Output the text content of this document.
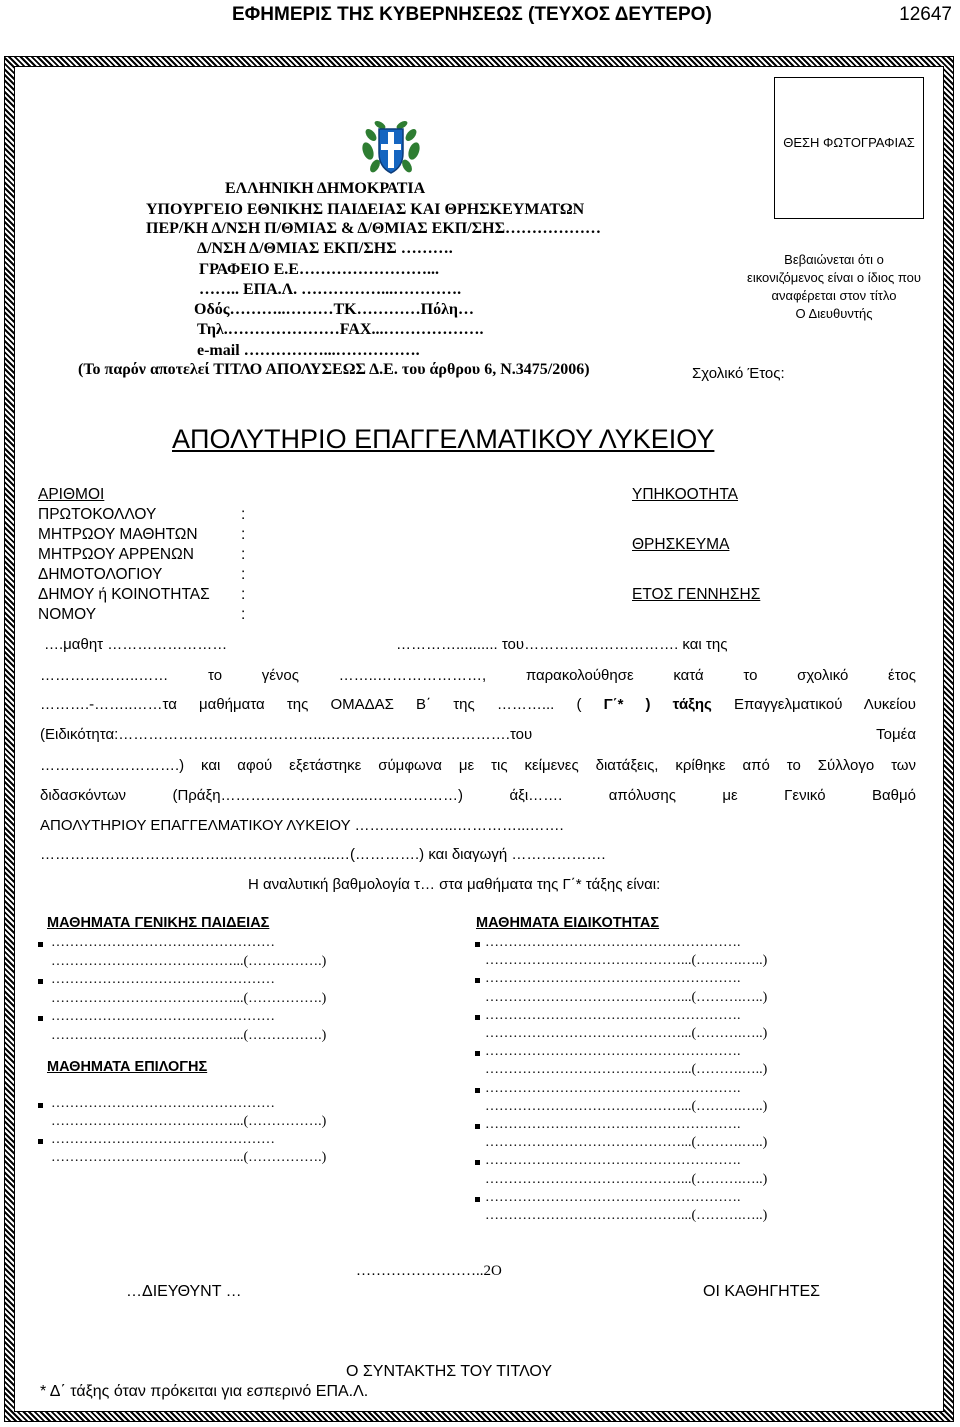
ΕΦΗΜΕΡΙΣ ΤΗΣ ΚΥΒΕΡΝΗΣΕΩΣ (ΤΕΥΧΟΣ ΔΕΥΤΕΡΟ)	12647
ΕΛΛΗΝΙΚΗ ΔΗΜΟΚΡΑΤΙΑ
ΥΠΟΥΡΓΕΙΟ ΕΘΝΙΚΗΣ ΠΑΙΔΕΙΑΣ ΚΑΙ ΘΡΗΣΚΕΥΜΑΤΩΝ
ΠΕΡ/ΚΗ Δ/ΝΣΗ Π/ΘΜΙΑΣ & Δ/ΘΜΙΑΣ ΕΚΠ/ΣΗΣ………………
Δ/ΝΣΗ Δ/ΘΜΙΑΣ ΕΚΠ/ΣΗΣ ……….
ΓΡΑΦΕΙΟ Ε.Ε……………………...
…….. ΕΠΑ.Λ. ……………...………….
Οδός………..………ΤΚ…………Πόλη…
Τηλ.…………………FAX...……………….
e-mail ……………...…………….
(Το παρόν αποτελεί ΤΙΤΛΟ ΑΠΟΛΥΣΕΩΣ Δ.Ε. του άρθρου 6, Ν.3475/2006)
ΘΕΣΗ ΦΩΤΟΓΡΑΦΙΑΣ
Βεβαιώνεται ότι ο
εικονιζόμενος είναι ο ίδιος που
αναφέρεται στον τίτλο
Ο Διευθυντής
Σχολικό Έτος:
ΑΠΟΛΥΤΗΡΙΟ ΕΠΑΓΓΕΛΜΑΤΙΚΟΥ ΛΥΚΕΙΟΥ
ΑΡΙΘΜΟΙ
ΠΡΩΤΟΚΟΛΛΟΥ	:
ΜΗΤΡΩΟΥ ΜΑΘΗΤΩΝ	:
ΜΗΤΡΩΟΥ ΑΡΡΕΝΩΝ	:
ΔΗΜΟΤΟΛΟΓΙΟΥ	:
ΔΗΜΟΥ ή ΚΟΙΝΟΤΗΤΑΣ :
ΝΟΜΟΥ	:
ΥΠΗΚΟΟΤΗΤΑ
ΘΡΗΣΚΕΥΜΑ
ΕΤΟΣ ΓΕΝΝΗΣΗΣ
….μαθητ ……………………	………….......... του…………………………. και της
………………..…… το γένος ……..…………………, παρακολούθησε κατά το σχολικό έτος
……….-……..……τα μαθήματα της ΟΜΑΔΑΣ Β΄ της ………... ( Γ΄* ) τάξης Επαγγελματικού Λυκείου
(Ειδικότητα:…………………………………...……………………………….του Τομέα
……………………….) και αφού εξετάστηκε σύμφωνα με τις κείμενες διατάξεις, κρίθηκε από το Σύλλογο των
διδασκόντων (Πράξη………………………...………………) άξι……. απόλυσης με Γενικό Βαθμό
ΑΠΟΛΥΤΗΡΙΟΥ ΕΠΑΓΓΕΛΜΑΤΙΚΟΥ ΛΥΚΕΙΟΥ ………………...…………...…….
………………………………...………………...…(………….) και διαγωγή ……………….
Η αναλυτική βαθμολογία τ… στα μαθήματα της Γ΄* τάξης είναι:
ΜΑΘΗΜΑΤΑ ΓΕΝΙΚΗΣ ΠΑΙΔΕΙΑΣ
…………………………………………
…………………………………...(…………….)
…………………………………………
…………………………………...(…………….)
…………………………………………
…………………………………...(…………….)
ΜΑΘΗΜΑΤΑ ΕΠΙΛΟΓΗΣ
…………………………………………
…………………………………...(…………….)
…………………………………………
…………………………………...(…………….)
ΜΑΘΗΜΑΤΑ ΕΙΔΙΚΟΤΗΤΑΣ
……………………………………………….
……………………………………...(……….…..)
……………………………………………….
……………………………………...(……….…..)
……………………………………………….
……………………………………...(……….…..)
……………………………………………….
……………………………………...(……….…..)
……………………………………………….
……………………………………...(……….…..)
……………………………………………….
……………………………………...(……….…..)
……………………………………………….
……………………………………...(……….…..)
……………………………………………….
……………………………………...(……….…..)
……………………..2Ο
…ΔΙΕΥΘΥΝΤ …	ΟΙ ΚΑΘΗΓΗΤΕΣ
Ο ΣΥΝΤΑΚΤΗΣ ΤΟΥ ΤΙΤΛΟΥ
* Δ΄ τάξης όταν πρόκειται για εσπερινό ΕΠΑ.Λ.
